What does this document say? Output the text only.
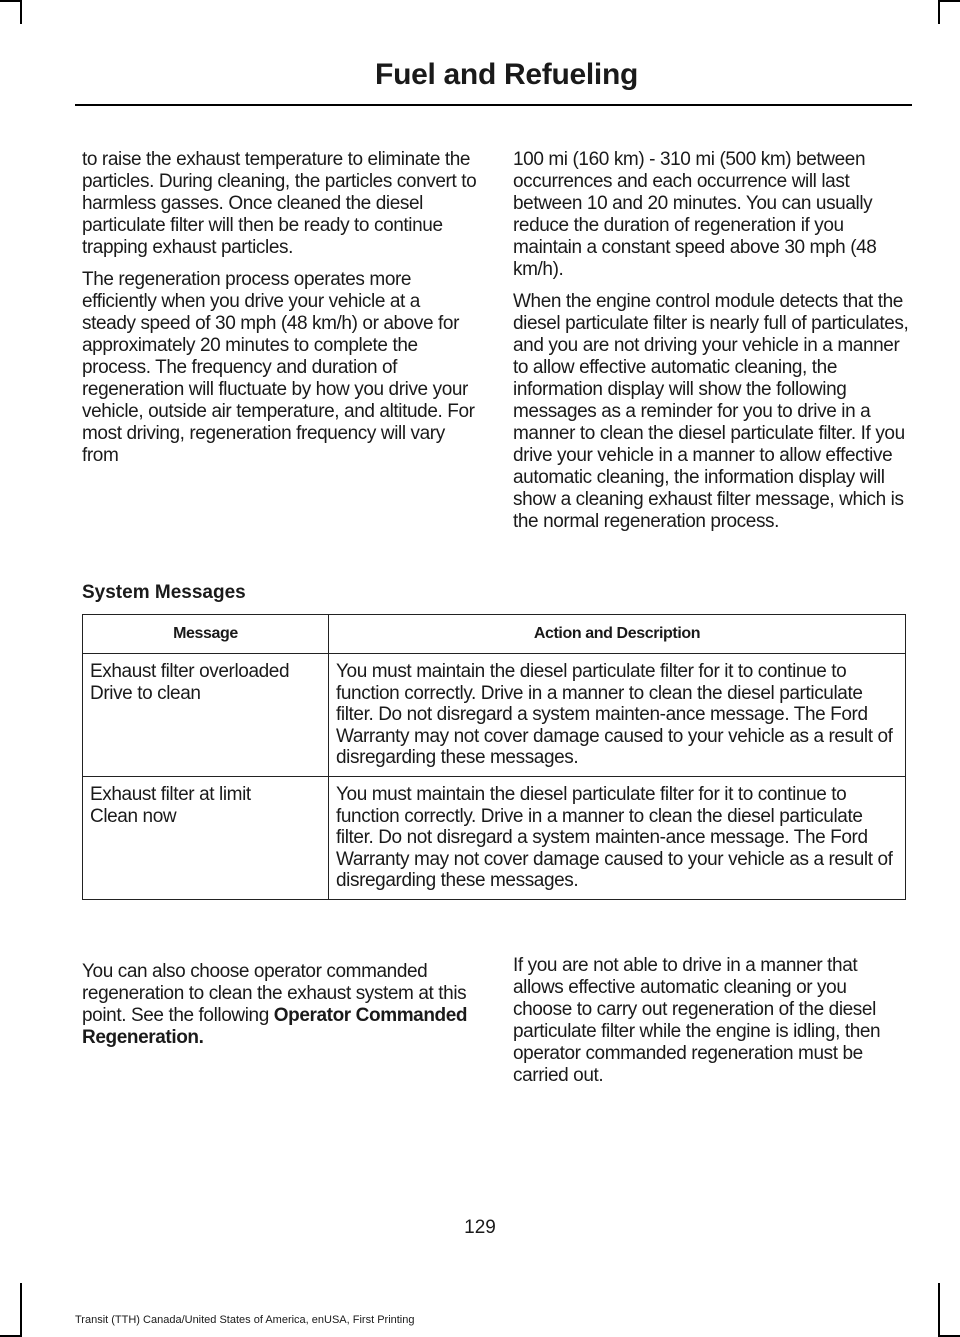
Fuel and Refueling

to raise the exhaust temperature to eliminate the particles. During cleaning, the particles convert to harmless gasses. Once cleaned the diesel particulate filter will then be ready to continue trapping exhaust particles.

The regeneration process operates more efficiently when you drive your vehicle at a steady speed of 30 mph (48 km/h) or above for approximately 20 minutes to complete the process. The frequency and duration of regeneration will fluctuate by how you drive your vehicle, outside air temperature, and altitude. For most driving, regeneration frequency will vary from

100 mi (160 km) - 310 mi (500 km) between occurrences and each occurrence will last between 10 and 20 minutes. You can usually reduce the duration of regeneration if you maintain a constant speed above 30 mph (48 km/h).

When the engine control module detects that the diesel particulate filter is nearly full of particulates, and you are not driving your vehicle in a manner to allow effective automatic cleaning, the information display will show the following messages as a reminder for you to drive in a manner to clean the diesel particulate filter. If you drive your vehicle in a manner to allow effective automatic cleaning, the information display will show a cleaning exhaust filter message, which is the normal regeneration process.

System Messages
Message	Action and Description

Exhaust filter overloaded
Drive to clean	You must maintain the diesel particulate filter for it to continue to function correctly. Drive in a manner to clean the diesel particulate filter. Do not disregard a system mainten-ance message. The Ford Warranty may not cover damage caused to your vehicle as a result of disregarding these messages.

Exhaust filter at limit
Clean now	You must maintain the diesel particulate filter for it to continue to function correctly. Drive in a manner to clean the diesel particulate filter. Do not disregard a system mainten-ance message. The Ford Warranty may not cover damage caused to your vehicle as a result of disregarding these messages.

You can also choose operator commanded regeneration to clean the exhaust system at this point. See the following Operator Commanded Regeneration.

If you are not able to drive in a manner that allows effective automatic cleaning or you choose to carry out regeneration of the diesel particulate filter while the engine is idling, then operator commanded regeneration must be carried out.

129
Transit (TTH) Canada/United States of America, enUSA, First Printing
